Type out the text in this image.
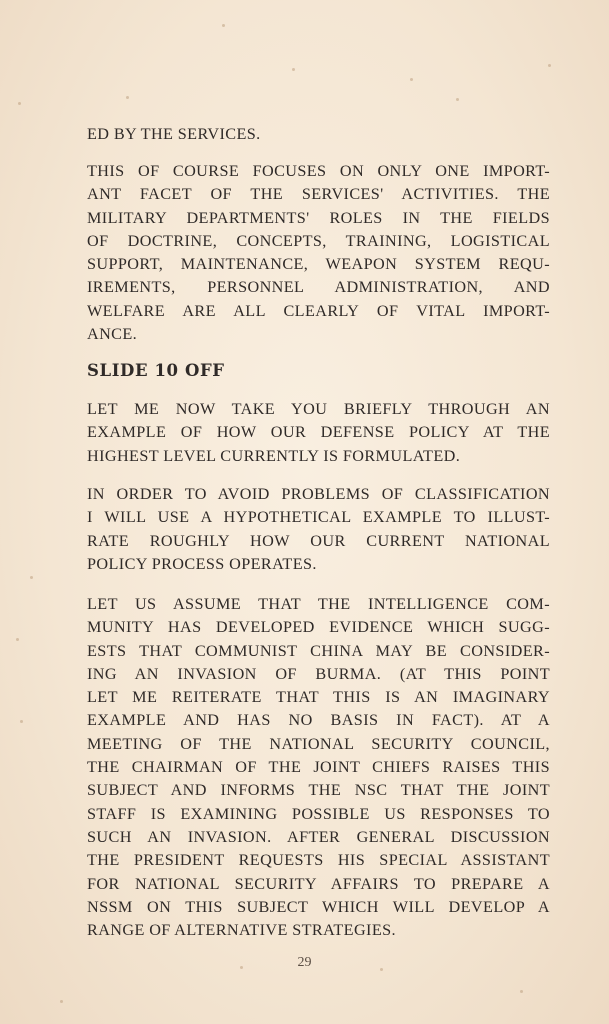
ED BY THE SERVICES.
THIS OF COURSE FOCUSES ON ONLY ONE IMPORT-
ANT FACET OF THE SERVICES' ACTIVITIES. THE
MILITARY DEPARTMENTS' ROLES IN THE FIELDS
OF DOCTRINE, CONCEPTS, TRAINING, LOGISTICAL
SUPPORT, MAINTENANCE, WEAPON SYSTEM REQU-
IREMENTS, PERSONNEL ADMINISTRATION, AND
WELFARE ARE ALL CLEARLY OF VITAL IMPORT-
ANCE.
SLIDE 10 OFF
LET ME NOW TAKE YOU BRIEFLY THROUGH AN
EXAMPLE OF HOW OUR DEFENSE POLICY AT THE
HIGHEST LEVEL CURRENTLY IS FORMULATED.
IN ORDER TO AVOID PROBLEMS OF CLASSIFICATION
I WILL USE A HYPOTHETICAL EXAMPLE TO ILLUST-
RATE ROUGHLY HOW OUR CURRENT NATIONAL
POLICY PROCESS OPERATES.
LET US ASSUME THAT THE INTELLIGENCE COM-
MUNITY HAS DEVELOPED EVIDENCE WHICH SUGG-
ESTS THAT COMMUNIST CHINA MAY BE CONSIDER-
ING AN INVASION OF BURMA. (AT THIS POINT
LET ME REITERATE THAT THIS IS AN IMAGINARY
EXAMPLE AND HAS NO BASIS IN FACT). AT A
MEETING OF THE NATIONAL SECURITY COUNCIL,
THE CHAIRMAN OF THE JOINT CHIEFS RAISES THIS
SUBJECT AND INFORMS THE NSC THAT THE JOINT
STAFF IS EXAMINING POSSIBLE US RESPONSES TO
SUCH AN INVASION. AFTER GENERAL DISCUSSION
THE PRESIDENT REQUESTS HIS SPECIAL ASSISTANT
FOR NATIONAL SECURITY AFFAIRS TO PREPARE A
NSSM ON THIS SUBJECT WHICH WILL DEVELOP A
RANGE OF ALTERNATIVE STRATEGIES.
29
